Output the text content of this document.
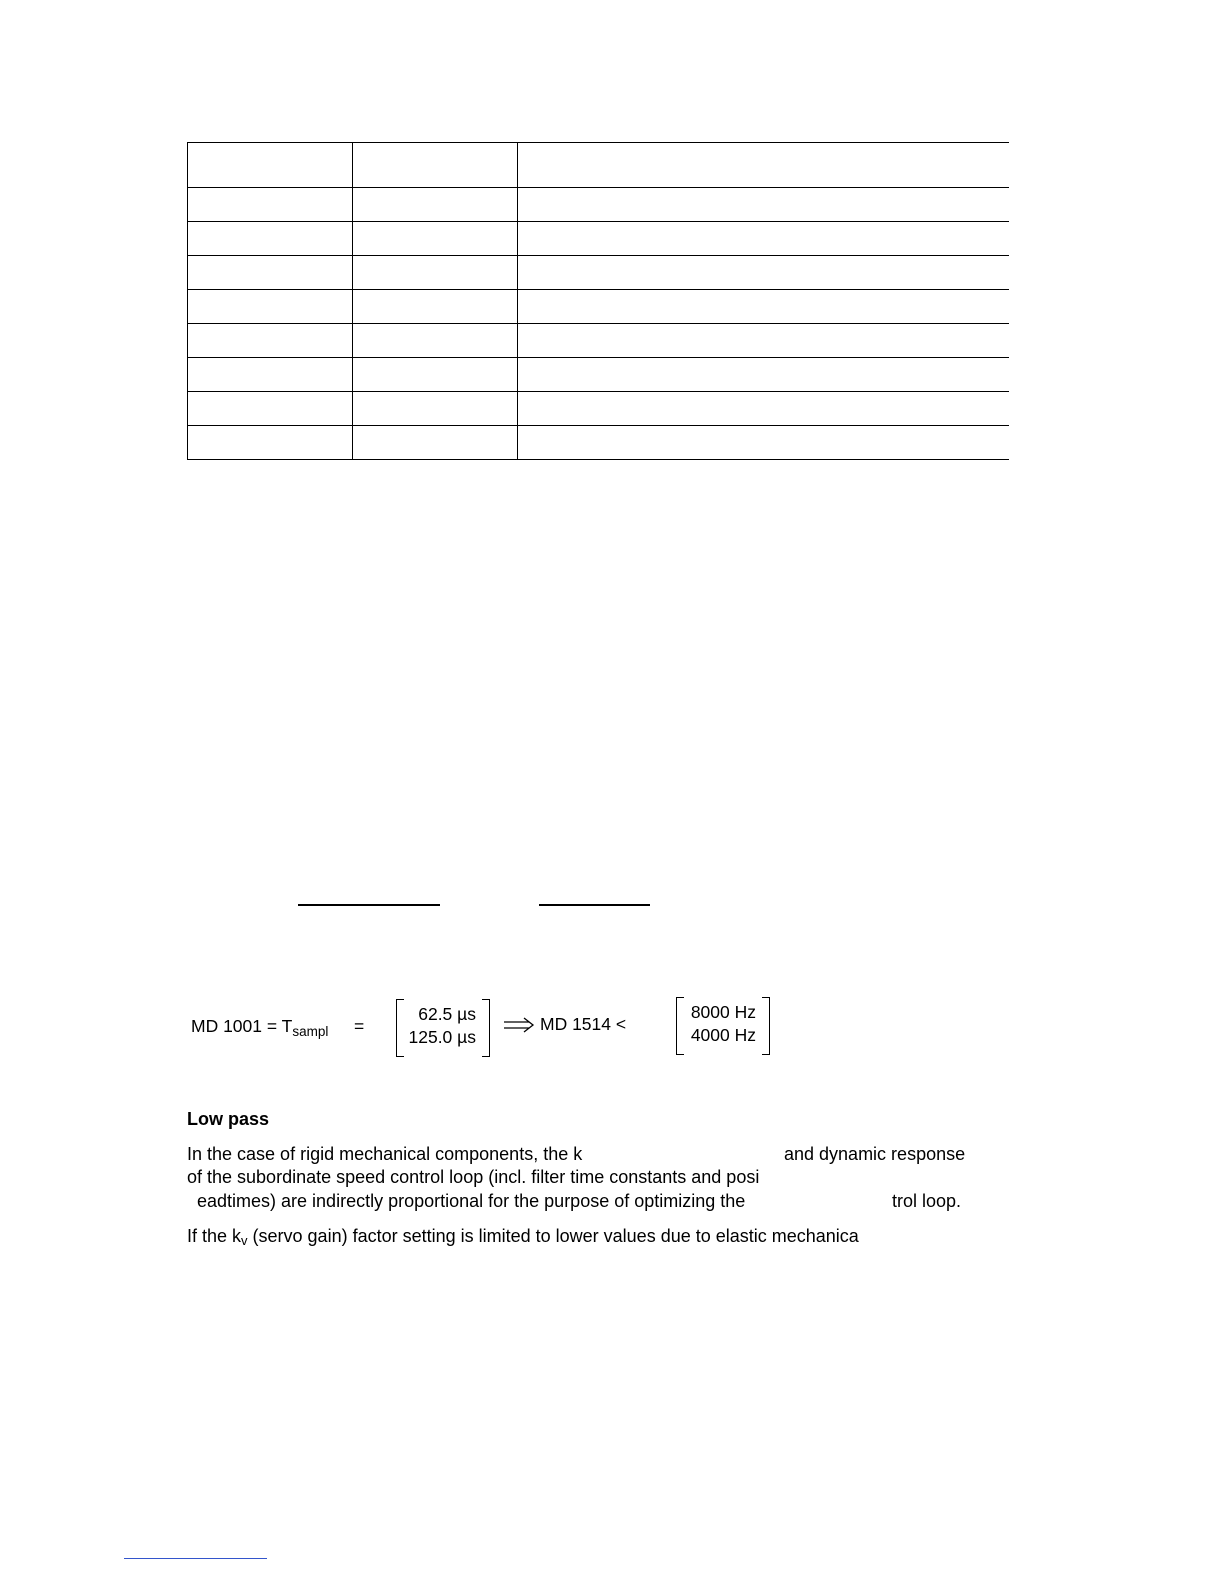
MD $1001 = T_{sampl}$ =
62.5 µs
125.0 µs
MD 1514 <
8000 Hz
4000 Hz
Low pass
In the case of rigid mechanical components, the k	and dynamic response
of the subordinate speed control loop (incl. filter time constants and posi
eadtimes) are indirectly proportional for the purpose of optimizing the	trol loop.
If the $k_v$ (servo gain) factor setting is limited to lower values due to elastic mechanica
